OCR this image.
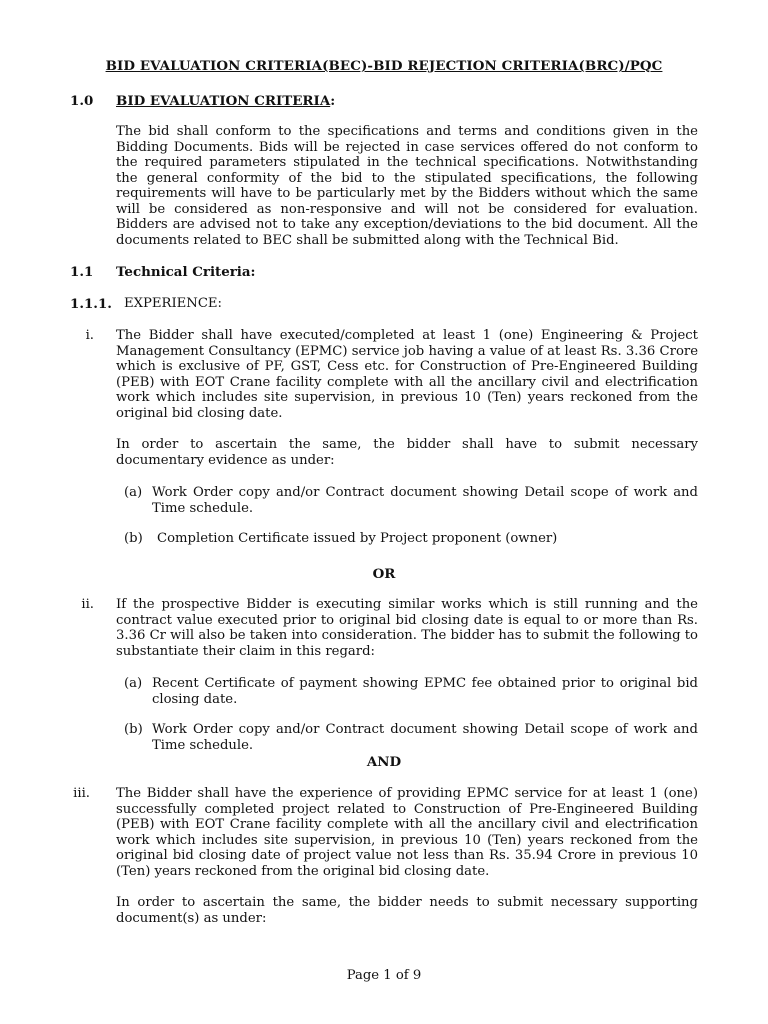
BID EVALUATION CRITERIA(BEC)-BID REJECTION CRITERIA(BRC)/PQC
1.0 BID EVALUATION CRITERIA:
The bid shall conform to the specifications and terms and conditions given in the Bidding Documents. Bids will be rejected in case services offered do not conform to the required parameters stipulated in the technical specifications. Notwithstanding the general conformity of the bid to the stipulated specifications, the following requirements will have to be particularly met by the Bidders without which the same will be considered as non-responsive and will not be considered for evaluation. Bidders are advised not to take any exception/deviations to the bid document. All the documents related to BEC shall be submitted along with the Technical Bid.
1.1 Technical Criteria:
1.1.1. EXPERIENCE:
i. The Bidder shall have executed/completed at least 1 (one) Engineering & Project Management Consultancy (EPMC) service job having a value of at least Rs. 3.36 Crore which is exclusive of PF, GST, Cess etc. for Construction of Pre-Engineered Building (PEB) with EOT Crane facility complete with all the ancillary civil and electrification work which includes site supervision, in previous 10 (Ten) years reckoned from the original bid closing date.
In order to ascertain the same, the bidder shall have to submit necessary documentary evidence as under:
(a) Work Order copy and/or Contract document showing Detail scope of work and Time schedule.
(b) Completion Certificate issued by Project proponent (owner)
OR
ii. If the prospective Bidder is executing similar works which is still running and the contract value executed prior to original bid closing date is equal to or more than Rs. 3.36 Cr will also be taken into consideration. The bidder has to submit the following to substantiate their claim in this regard:
(a) Recent Certificate of payment showing EPMC fee obtained prior to original bid closing date.
(b) Work Order copy and/or Contract document showing Detail scope of work and Time schedule.
AND
iii. The Bidder shall have the experience of providing EPMC service for at least 1 (one) successfully completed project related to Construction of Pre-Engineered Building (PEB) with EOT Crane facility complete with all the ancillary civil and electrification work which includes site supervision, in previous 10 (Ten) years reckoned from the original bid closing date of project value not less than Rs. 35.94 Crore in previous 10 (Ten) years reckoned from the original bid closing date.
In order to ascertain the same, the bidder needs to submit necessary supporting document(s) as under:
Page 1 of 9
